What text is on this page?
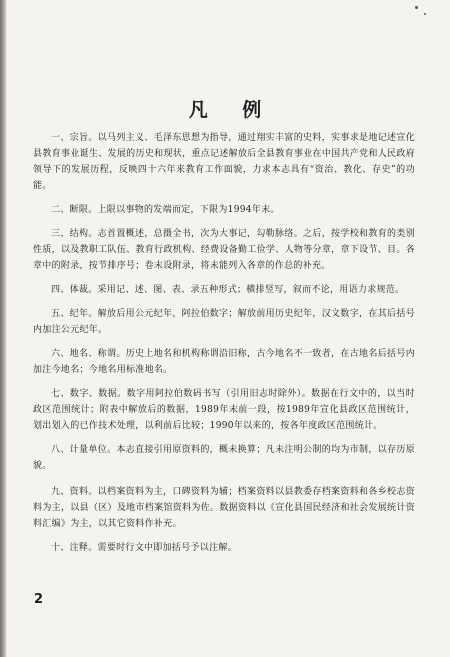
凡 例

一、宗旨。以马列主义、毛泽东思想为指导，通过翔实丰富的史料，实事求是地记述宣化县教育事业诞生、发展的历史和现状，重点记述解放后全县教育事业在中国共产党和人民政府领导下的发展历程，反映四十六年来教育工作面貌，力求本志具有“资治、教化、存史”的功能。

二、断限。上限以事物的发端而定，下限为1994年末。

三、结构。志首置概述，总摄全书，次为大事记，勾勒脉络。之后，按学校和教育的类别性质，以及教职工队伍、教育行政机构、经费设备勤工俭学、人物等分章，章下设节、目。各章中的附录，按节排序号；卷末设附录，将未能列入各章的作总的补充。

四、体裁。采用记、述、图、表、录五种形式；横排竖写，叙而不论，用语力求规范。

五、纪年。解放后用公元纪年，阿拉伯数字；解放前用历史纪年，汉文数字，在其后括号内加注公元纪年。

六、地名、称谓。历史上地名和机构称谓沿旧称，古今地名不一致者，在古地名后括号内加注今地名；今地名用标准地名。

七、数字、数据。数字用阿拉伯数码书写（引用旧志时除外）。数据在行文中的，以当时政区范围统计；附表中解放后的数据，1989年末前一段，按1989年宣化县政区范围统计，划出划入的已作技术处理，以利前后比较；1990年以来的，按各年度政区范围统计。

八、计量单位。本志直接引用原资料的，概未换算；凡未注明公制的均为市制，以存历原貌。

九、资料。以档案资料为主，口碑资料为辅；档案资料以县教委存档案资料和各乡校志资料为主，以县（区）及地市档案馆资料为佐。数据资料以《宣化县国民经济和社会发展统计资料汇编》为主，以其它资料作补充。

十、注释。需要时行文中即加括号予以注解。

2
